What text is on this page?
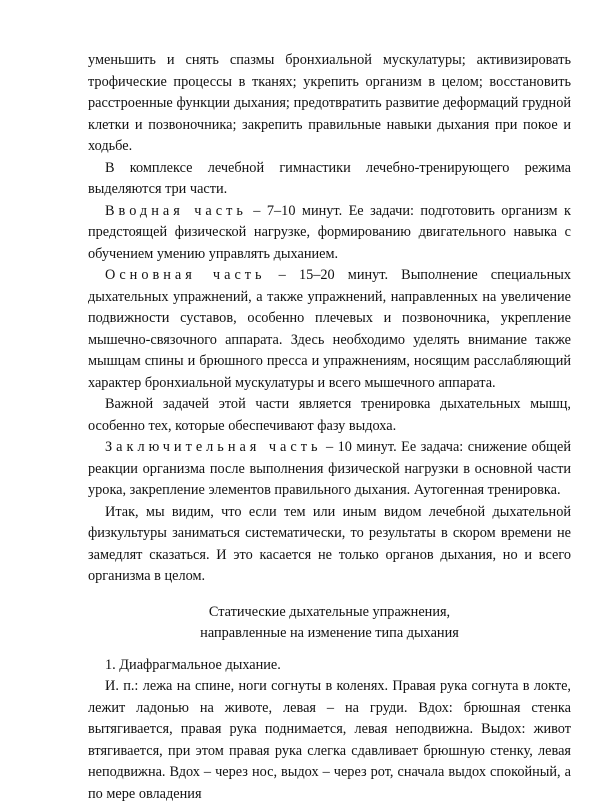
уменьшить и снять спазмы бронхиальной мускулатуры; активизировать трофические процессы в тканях; укрепить организм в целом; восстановить расстроенные функции дыхания; предотвратить развитие деформаций грудной клетки и позвоночника; закрепить правильные навыки дыхания при покое и ходьбе.

В комплексе лечебной гимнастики лечебно-тренирующего режима выделяются три части.

Вводная часть – 7–10 минут. Ее задачи: подготовить организм к предстоящей физической нагрузке, формированию двигательного навыка с обучением умению управлять дыханием.

Основная часть – 15–20 минут. Выполнение специальных дыхательных упражнений, а также упражнений, направленных на увеличение подвижности суставов, особенно плечевых и позвоночника, укрепление мышечно-связочного аппарата. Здесь необходимо уделять внимание также мышцам спины и брюшного пресса и упражнениям, носящим расслабляющий характер бронхиальной мускулатуры и всего мышечного аппарата.

Важной задачей этой части является тренировка дыхательных мышц, особенно тех, которые обеспечивают фазу выдоха.

Заключительная часть – 10 минут. Ее задача: снижение общей реакции организма после выполнения физической нагрузки в основной части урока, закрепление элементов правильного дыхания. Аутогенная тренировка.

Итак, мы видим, что если тем или иным видом лечебной дыхательной физкультуры заниматься систематически, то результаты в скором времени не замедлят сказаться. И это касается не только органов дыхания, но и всего организма в целом.

Статические дыхательные упражнения,

направленные на изменение типа дыхания

1. Диафрагмальное дыхание.

И. п.: лежа на спине, ноги согнуты в коленях. Правая рука согнута в локте, лежит ладонью на животе, левая – на груди. Вдох: брюшная стенка вытягивается, правая рука поднимается, левая неподвижна. Выдох: живот втягивается, при этом правая рука слегка сдавливает брюшную стенку, левая неподвижна. Вдох – через нос, выдох – через рот, сначала выдох спокойный, а по мере овладения
